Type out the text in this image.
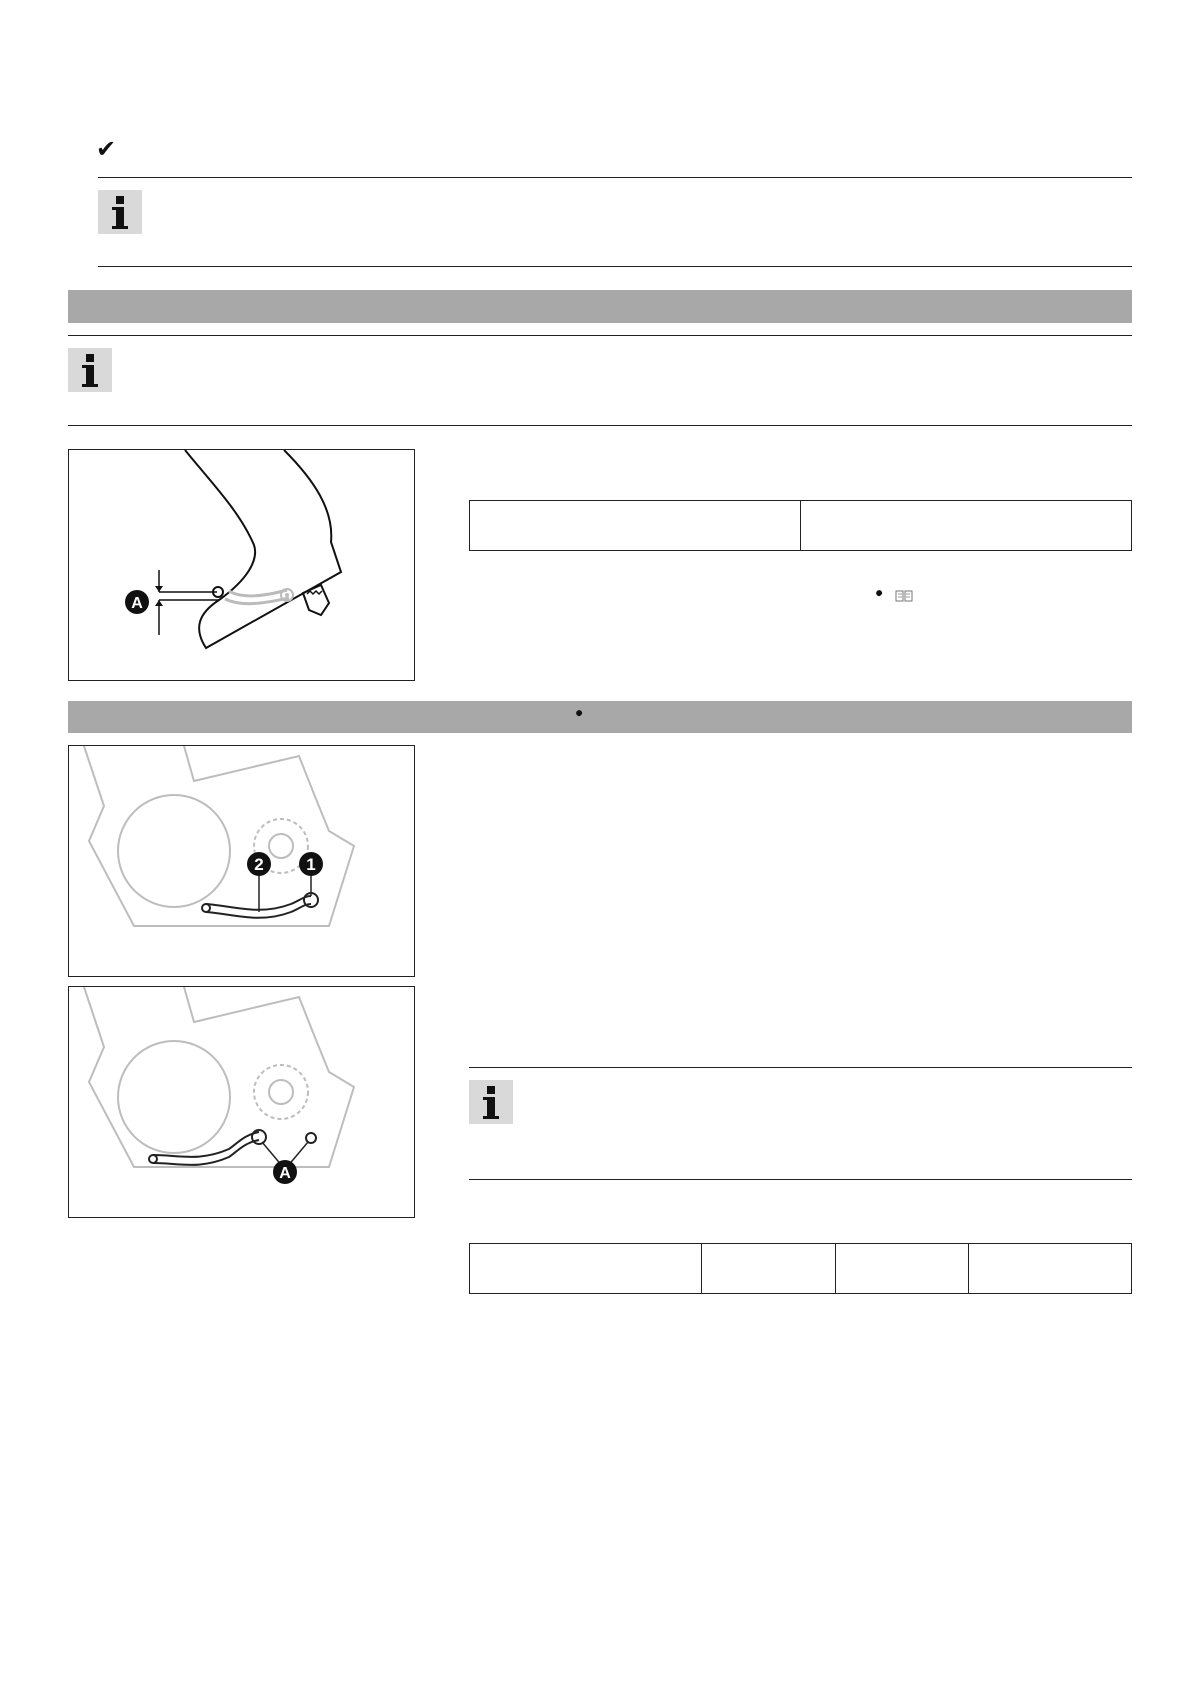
✔
A

2	1
A
